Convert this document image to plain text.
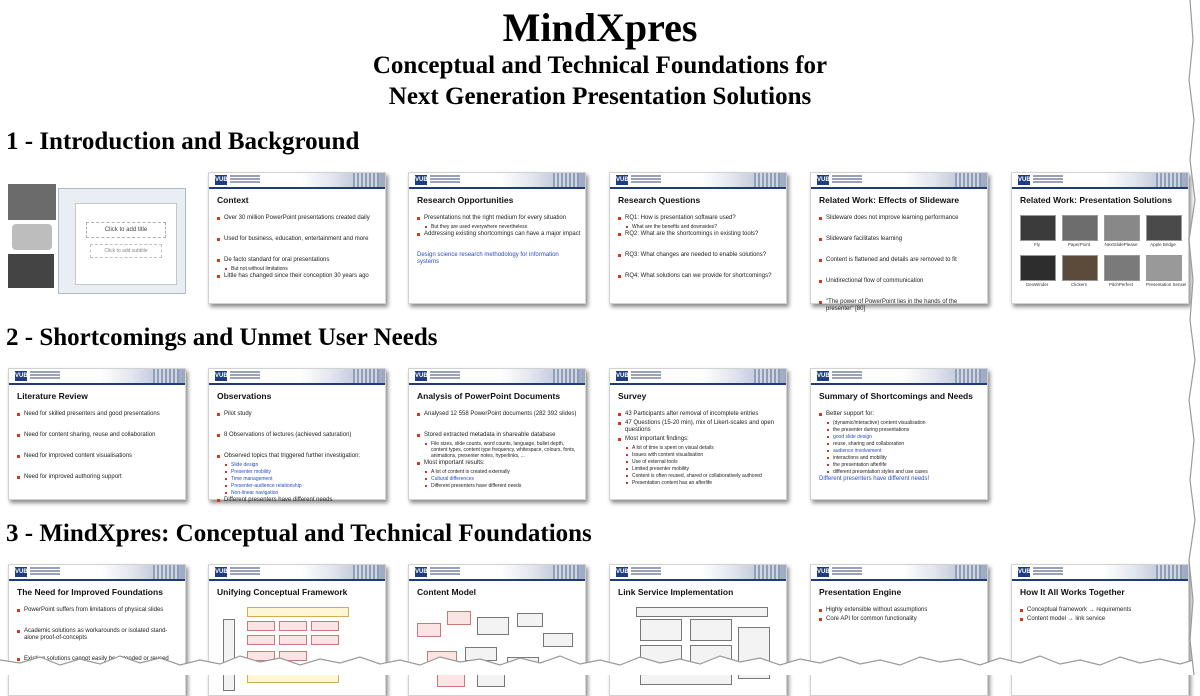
MindXpres
Conceptual and Technical Foundations for
Next Generation Presentation Solutions
1 - Introduction and Background
2 - Shortcomings and Unmet User Needs
3 - MindXpres: Conceptual and Technical Foundations
Click to add title
Click to add subtitle
VUB
Context
Over 30 million PowerPoint presentations created daily
Used for business, education, entertainment and more
De facto standard for oral presentations
But not without limitations
Little has changed since their conception 30 years ago
VUB
Research Opportunities
Presentations not the right medium for every situation
But they are used everywhere nevertheless
Addressing existing shortcomings can have a major impact
Design science research methodology for information systems
VUB
Research Questions
RQ1: How is presentation software used?
What are the benefits and downsides?
RQ2: What are the shortcomings in existing tools?
RQ3: What changes are needed to enable solutions?
RQ4: What solutions can we provide for shortcomings?
VUB
Related Work: Effects of Slideware
Slideware does not improve learning performance
Slideware facilitates learning
Content is flattened and details are removed to fit
Unidirectional flow of communication
"The power of PowerPoint lies in the hands of the presenter" [80]
VUB
Related Work: Presentation Solutions
Fly	PaperPoint	NextSlidePlease	Apple Bridge
GeoWinder	Clickers	PitchPerfect	Presentation Sensei
VUB
Literature Review
Need for skilled presenters and good presentations
Need for content sharing, reuse and collaboration
Need for improved content visualisations
Need for improved authoring support
VUB
Observations
Pilot study
8 Observations of lectures (achieved saturation)
Observed topics that triggered further investigation:
Slide design
Presenter mobility
Time management
Presenter-audience relationship
Non-linear navigation
Different presenters have different needs
VUB
Analysis of PowerPoint Documents
Analysed 12 558 PowerPoint documents (282 392 slides)
Stored extracted metadata in shareable database
File sizes, slide counts, word counts, language, bullet depth, content types, content type frequency, whitespace, colours, fonts, animations, presenter notes, hyperlinks, ...
Most important results:
A lot of content is created externally
Cultural differences
Different presenters have different needs
VUB
Survey
43 Participants after removal of incomplete entries
47 Questions (15-20 min), mix of Likert-scales and open questions
Most important findings:
A lot of time is spent on visual details
Issues with content visualisation
Use of external tools
Limited presenter mobility
Content is often reused, shared or collaboratively authored
Presentation content has an afterlife
VUB
Summary of Shortcomings and Needs
Better support for:
(dynamic/interactive) content visualisation
the presenter during presentations
good slide design
reuse, sharing and collaboration
audience involvement
interactions and mobility
the presentation afterlife
different presentation styles and use cases
Different presenters have different needs!
VUB
The Need for Improved Foundations
PowerPoint suffers from limitations of physical slides
Academic solutions as workarounds or isolated stand-alone proof-of-concepts
Existing solutions cannot easily be extended or reused
VUB
Unifying Conceptual Framework
VUB
Content Model
VUB
Link Service Implementation
VUB
Presentation Engine
Highly extensible without assumptions
Core API for common functionality
VUB
How It All Works Together
Conceptual framework → requirements
Content model → link service
